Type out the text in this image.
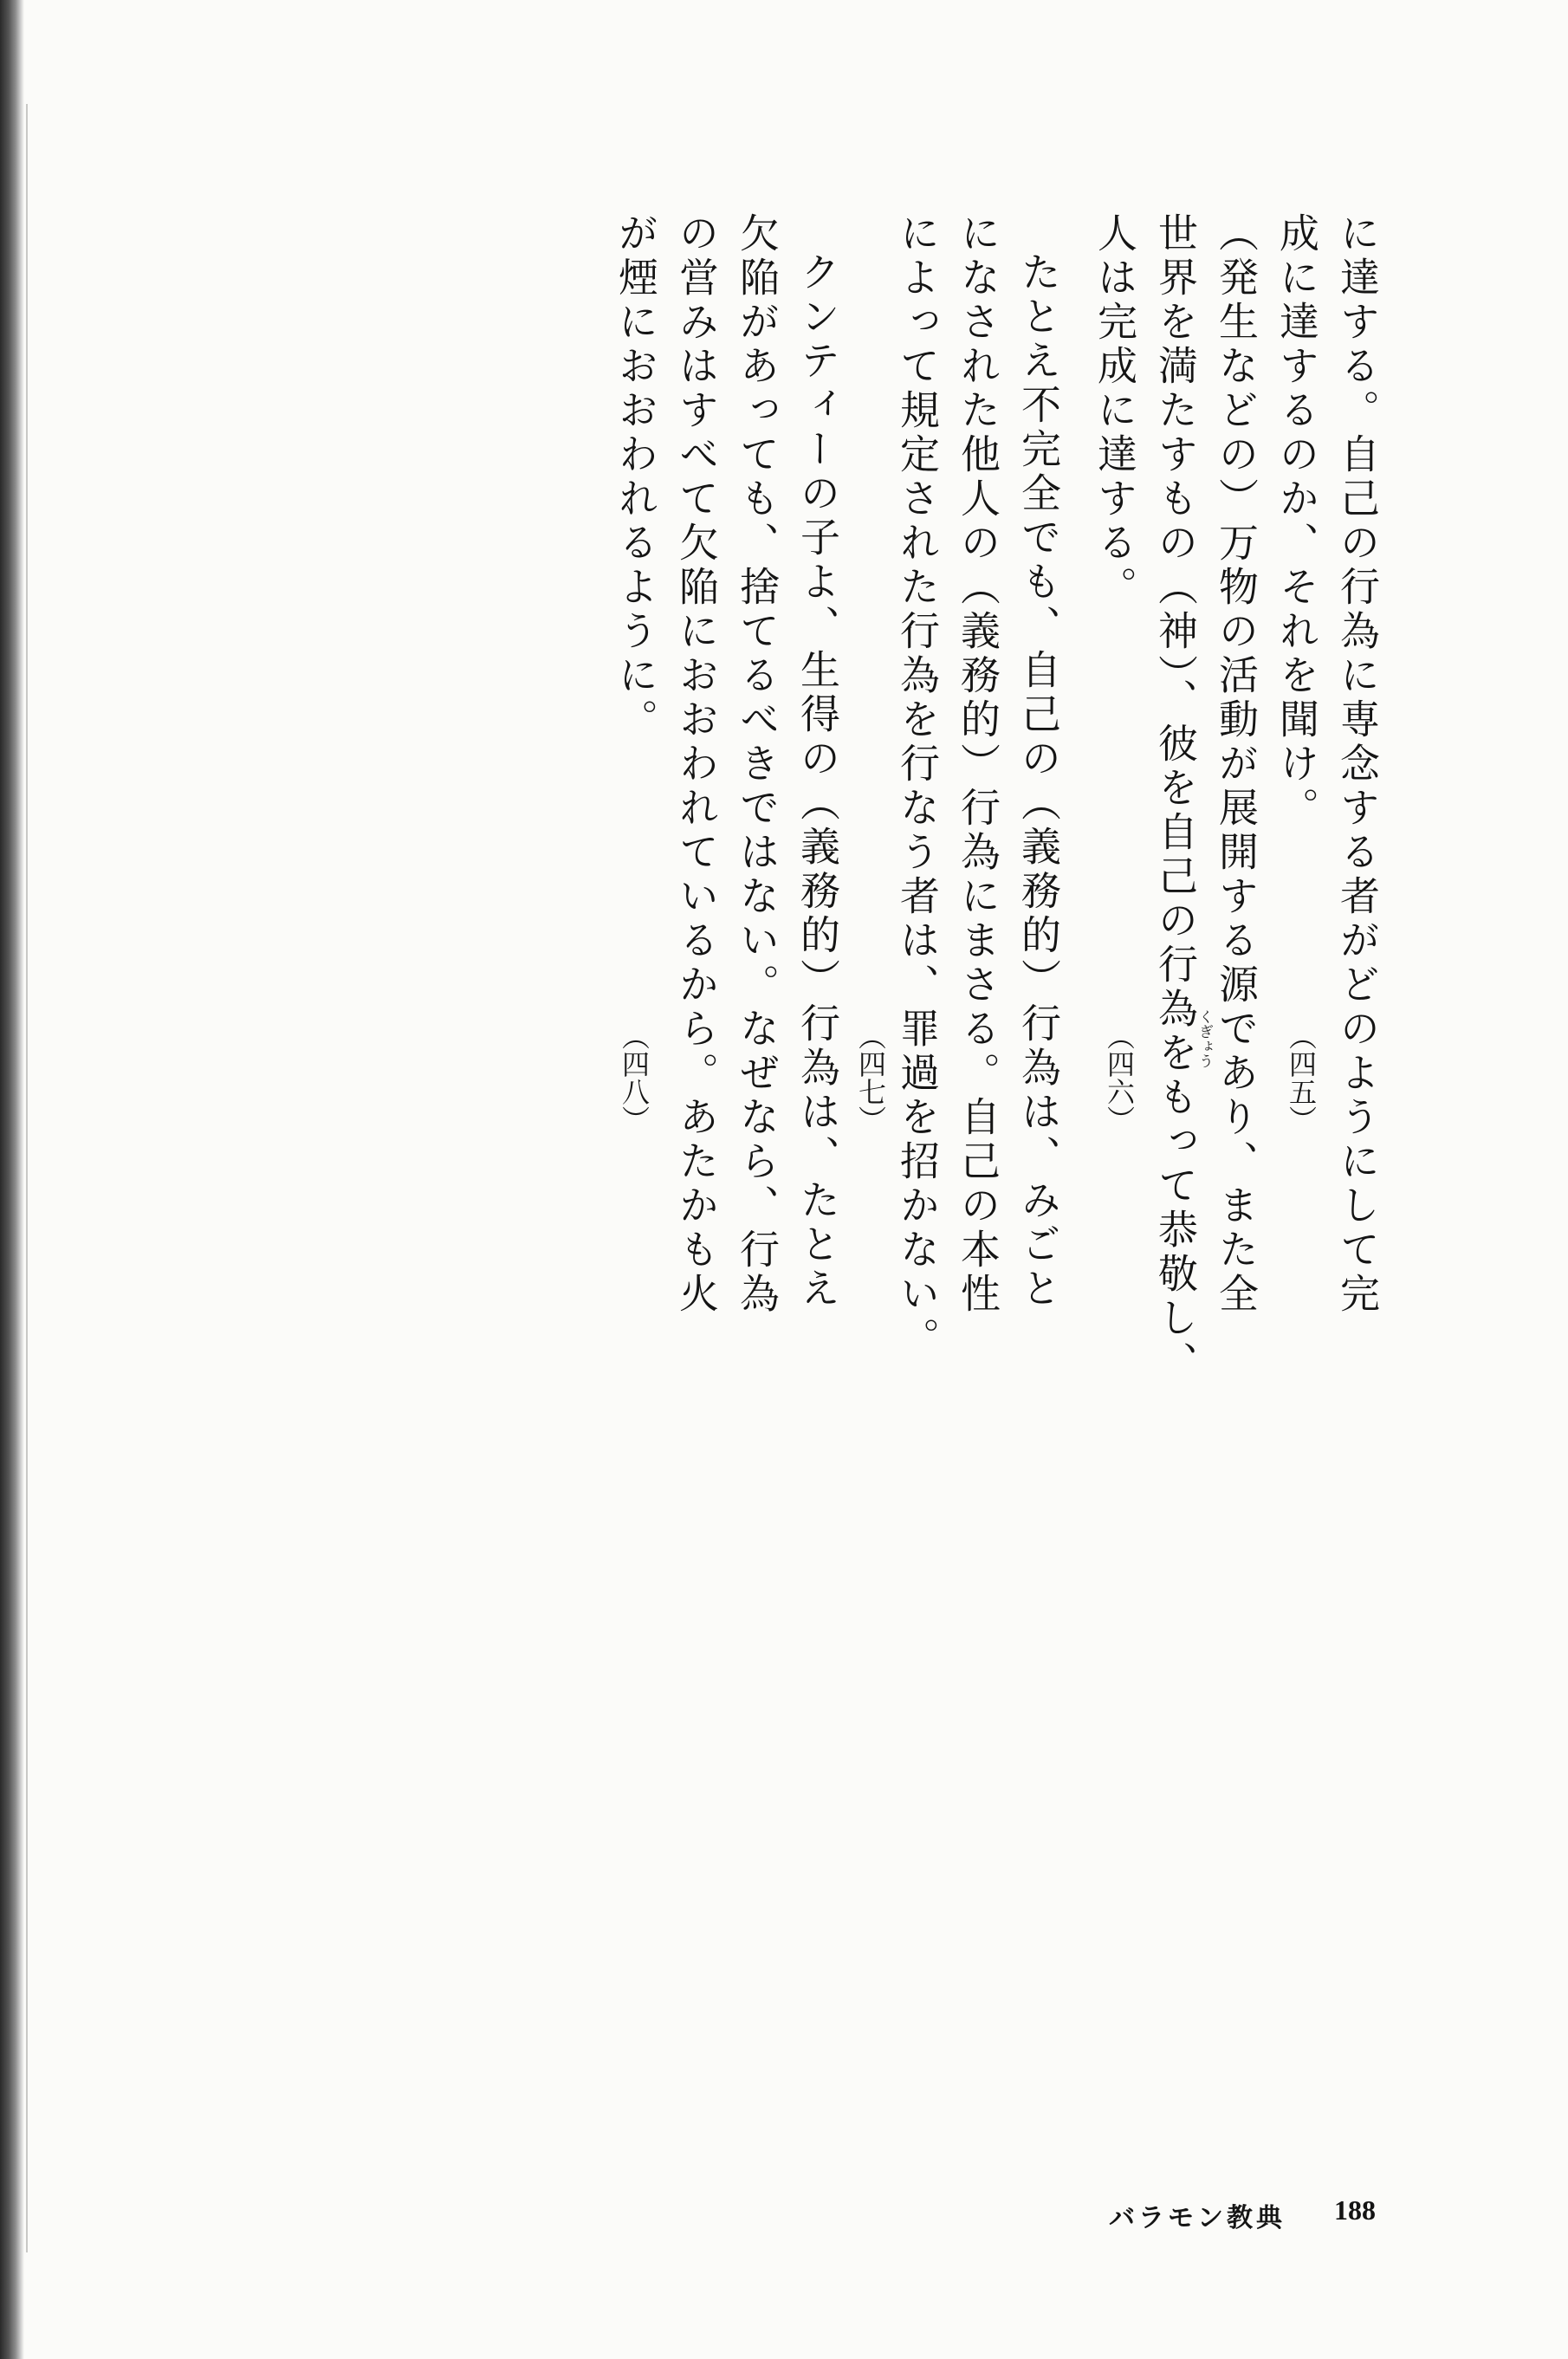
に達する。自己の行為に専念する者がどのようにして完
成に達するのか、それを聞け。
（発生などの）万物の活動が展開する源であり、また全
世界を満たすもの（神）、彼を自己の行為をもって恭敬し、
人は完成に達する。
たとえ不完全でも、自己の（義務的）行為は、みごと
になされた他人の（義務的）行為にまさる。自己の本性
によって規定された行為を行なう者は、罪過を招かない。
クンティーの子よ、生得の（義務的）行為は、たとえ
欠陥があっても、捨てるべきではない。なぜなら、行為
の営みはすべて欠陥におおわれているから。あたかも火
が煙におおわれるように。
（四五）
（四六）
（四七）
（四八）	くぎょう
バラモン教典 188
